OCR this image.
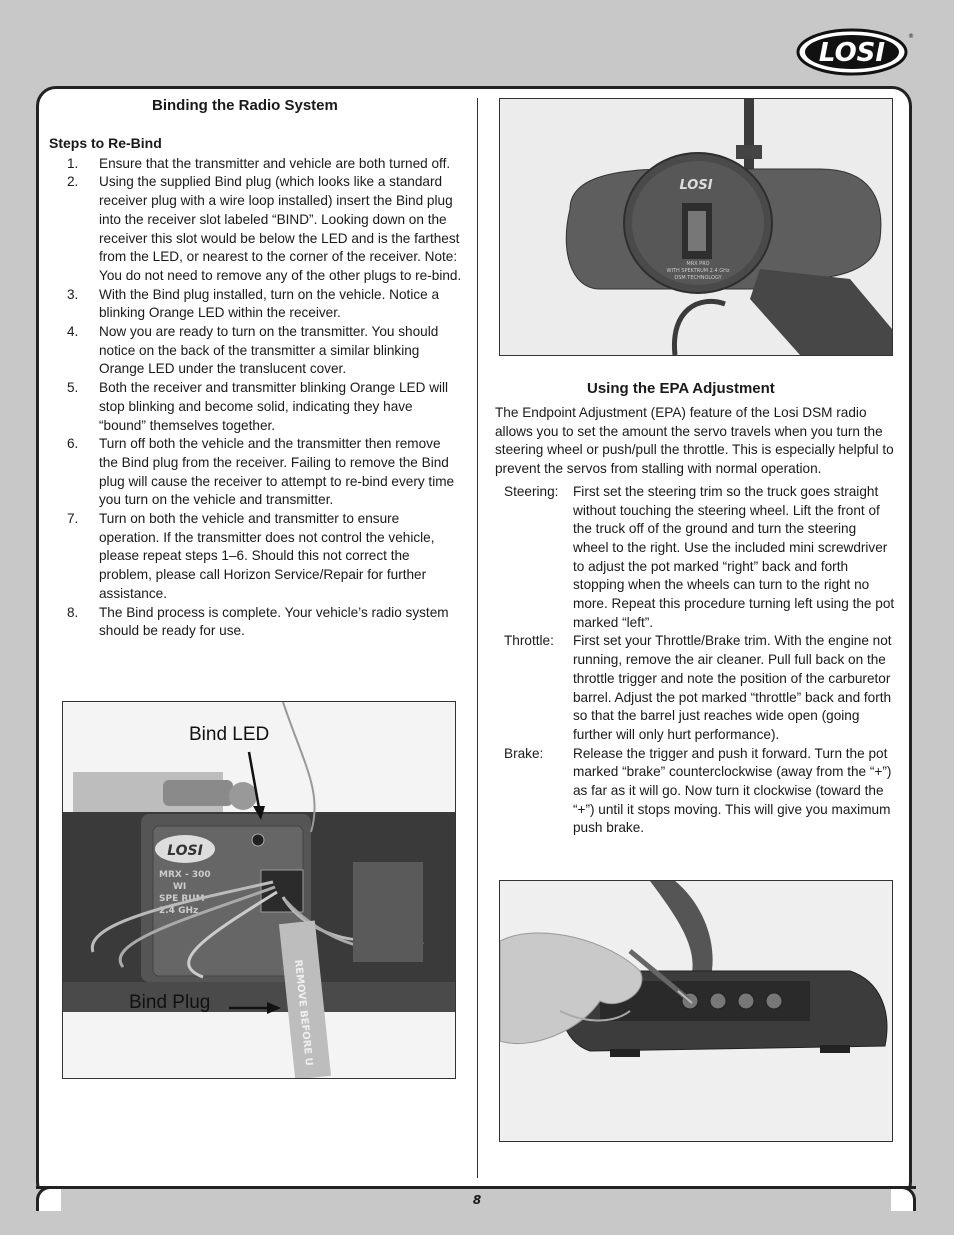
LOSI
®
8
Binding the Radio System
Steps to Re-Bind
1. Ensure that the transmitter and vehicle are both turned off.
2. Using the supplied Bind plug (which looks like a standard receiver plug with a wire loop installed) insert the Bind plug into the receiver slot labeled “BIND”. Looking down on the receiver this slot would be below the LED and is the farthest from the LED, or nearest to the corner of the receiver. Note: You do not need to remove any of the other plugs to re-bind.
3. With the Bind plug installed, turn on the vehicle. Notice a blinking Orange LED within the receiver.
4. Now you are ready to turn on the transmitter. You should notice on the back of the transmitter a similar blinking Orange LED under the translucent cover.
5. Both the receiver and transmitter blinking Orange LED will stop blinking and become solid, indicating they have “bound” themselves together.
6. Turn off both the vehicle and the transmitter then remove the Bind plug from the receiver. Failing to remove the Bind plug will cause the receiver to attempt to re-bind every time you turn on the vehicle and transmitter.
7. Turn on both the vehicle and transmitter to ensure operation. If the transmitter does not control the vehicle, please repeat steps 1–6. Should this not correct the problem, please call Horizon Service/Repair for further assistance.
8. The Bind process is complete. Your vehicle’s radio system should be ready for use.
LOSI
MRX - 300
WI
SPE RUM
2.4 GHz
REMOVE BEFORE U
Bind LED
Bind Plug
LOSI
MRX PRO
WITH SPEKTRUM 2.4 GHz
DSM TECHNOLOGY
Using the EPA Adjustment

The Endpoint Adjustment (EPA) feature of the Losi DSM radio allows you to set the amount the servo travels when you turn the steering wheel or push/pull the throttle. This is especially helpful to prevent the servos from stalling with normal operation.

Steering: First set the steering trim so the truck goes straight without touching the steering wheel. Lift the front of the truck off of the ground and turn the steering wheel to the right. Use the included mini screwdriver to adjust the pot marked “right” back and forth stopping when the wheels can turn to the right no more. Repeat this procedure turning left using the pot marked “left”.
Throttle: First set your Throttle/Brake trim. With the engine not running, remove the air cleaner. Pull full back on the throttle trigger and note the position of the carburetor barrel. Adjust the pot marked “throttle” back and forth so that the barrel just reaches wide open (going further will only hurt performance).
Brake: Release the trigger and push it forward. Turn the pot marked “brake” counterclockwise (away from the “+”) as far as it will go. Now turn it clockwise (toward the “+”) until it stops moving. This will give you maximum push brake.
